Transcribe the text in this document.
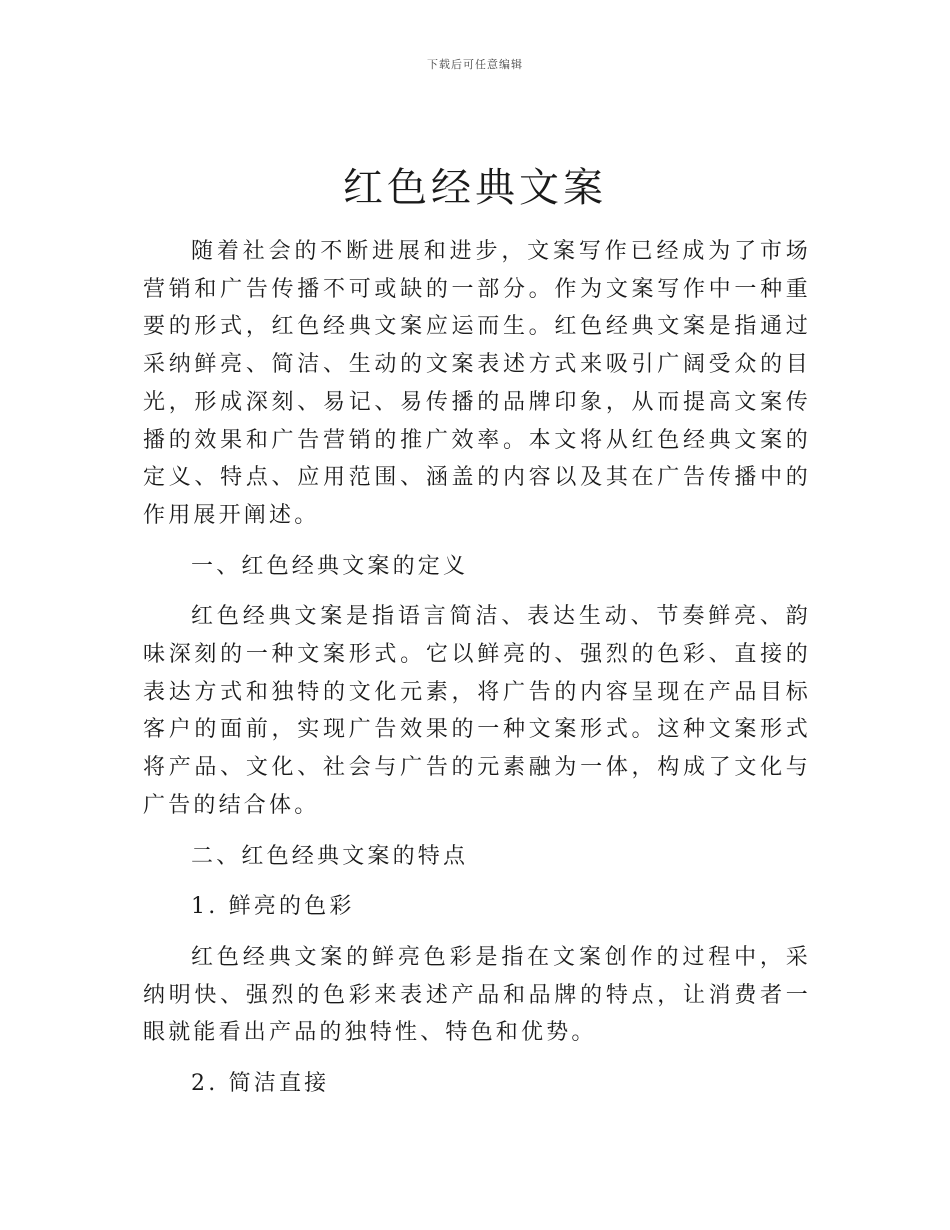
下载后可任意编辑
红色经典文案

随着社会的不断进展和进步，文案写作已经成为了市场营销和广告传播不可或缺的一部分。作为文案写作中一种重要的形式，红色经典文案应运而生。红色经典文案是指通过采纳鲜亮、简洁、生动的文案表述方式来吸引广阔受众的目光，形成深刻、易记、易传播的品牌印象，从而提高文案传播的效果和广告营销的推广效率。本文将从红色经典文案的定义、特点、应用范围、涵盖的内容以及其在广告传播中的作用展开阐述。

一、红色经典文案的定义

红色经典文案是指语言简洁、表达生动、节奏鲜亮、韵味深刻的一种文案形式。它以鲜亮的、强烈的色彩、直接的表达方式和独特的文化元素，将广告的内容呈现在产品目标客户的面前，实现广告效果的一种文案形式。这种文案形式将产品、文化、社会与广告的元素融为一体，构成了文化与广告的结合体。

二、红色经典文案的特点

1. 鲜亮的色彩

红色经典文案的鲜亮色彩是指在文案创作的过程中，采纳明快、强烈的色彩来表述产品和品牌的特点，让消费者一眼就能看出产品的独特性、特色和优势。

2. 简洁直接
